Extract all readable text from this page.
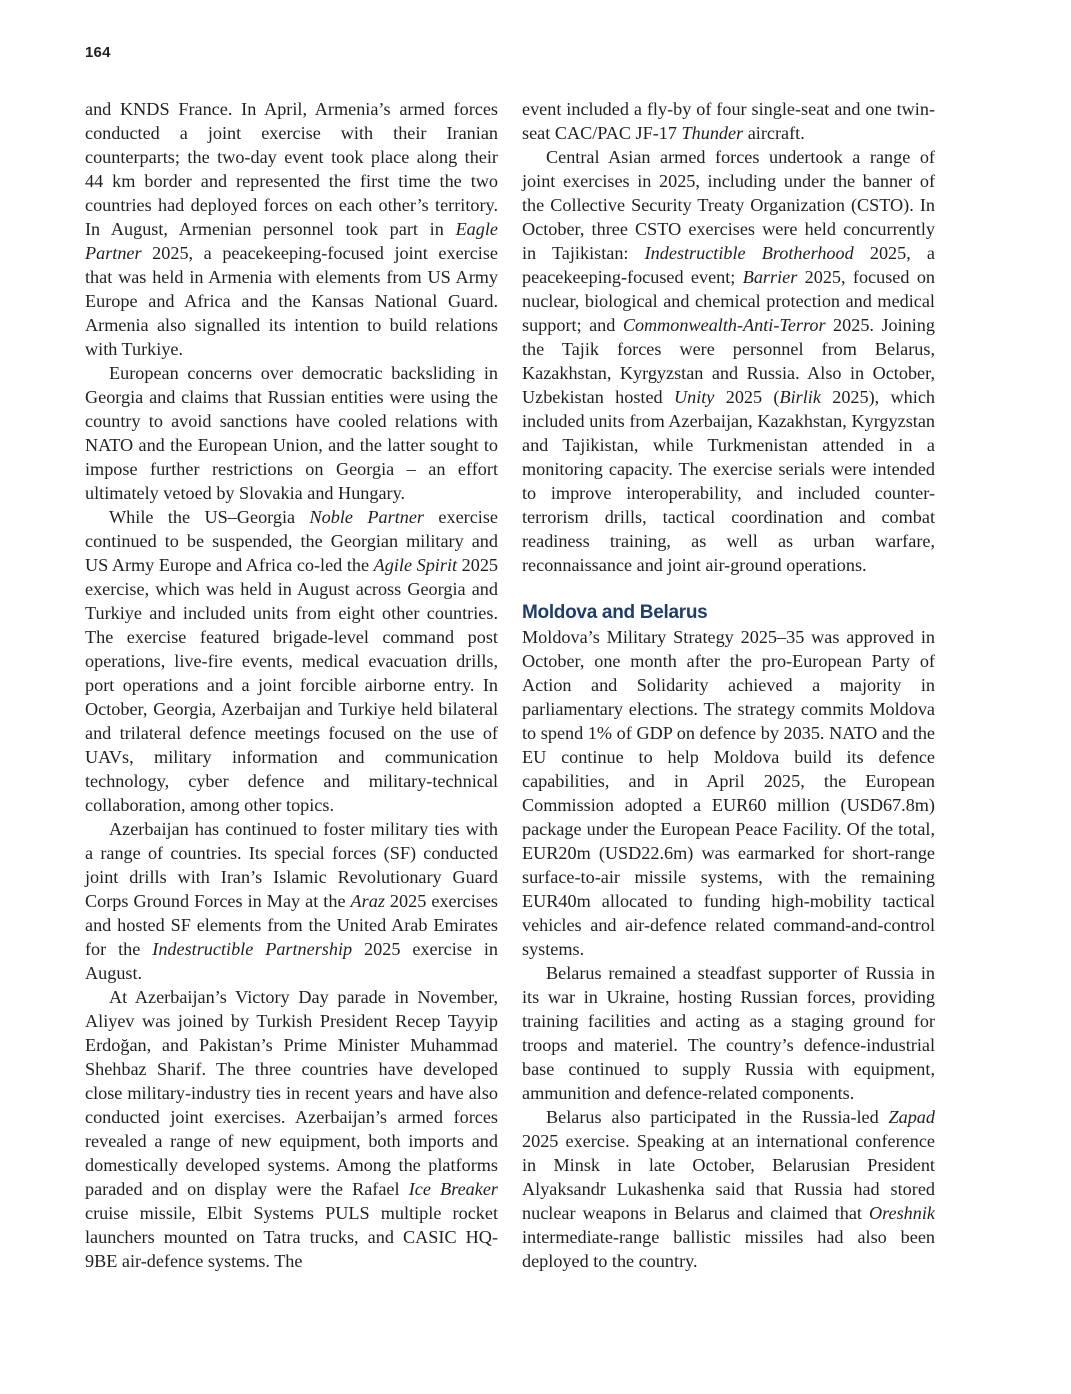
164

and KNDS France. In April, Armenia’s armed forces conducted a joint exercise with their Iranian counterparts; the two-day event took place along their 44 km border and represented the first time the two countries had deployed forces on each other’s territory. In August, Armenian personnel took part in Eagle Partner 2025, a peacekeeping-focused joint exercise that was held in Armenia with elements from US Army Europe and Africa and the Kansas National Guard. Armenia also signalled its intention to build relations with Turkiye.

European concerns over democratic backsliding in Georgia and claims that Russian entities were using the country to avoid sanctions have cooled relations with NATO and the European Union, and the latter sought to impose further restrictions on Georgia – an effort ultimately vetoed by Slovakia and Hungary.

While the US–Georgia Noble Partner exercise continued to be suspended, the Georgian military and US Army Europe and Africa co-led the Agile Spirit 2025 exercise, which was held in August across Georgia and Turkiye and included units from eight other countries. The exercise featured brigade-level command post operations, live-fire events, medical evacuation drills, port operations and a joint forcible airborne entry. In October, Georgia, Azerbaijan and Turkiye held bilateral and trilateral defence meetings focused on the use of UAVs, military information and communication technology, cyber defence and military-technical collaboration, among other topics.

Azerbaijan has continued to foster military ties with a range of countries. Its special forces (SF) conducted joint drills with Iran’s Islamic Revolutionary Guard Corps Ground Forces in May at the Araz 2025 exercises and hosted SF elements from the United Arab Emirates for the Indestructible Partnership 2025 exercise in August.

At Azerbaijan’s Victory Day parade in November, Aliyev was joined by Turkish President Recep Tayyip Erdoğan, and Pakistan’s Prime Minister Muhammad Shehbaz Sharif. The three countries have developed close military-industry ties in recent years and have also conducted joint exercises. Azerbaijan’s armed forces revealed a range of new equipment, both imports and domestically developed systems. Among the platforms paraded and on display were the Rafael Ice Breaker cruise missile, Elbit Systems PULS multiple rocket launchers mounted on Tatra trucks, and CASIC HQ-9BE air-defence systems. The

event included a fly-by of four single-seat and one twin-seat CAC/PAC JF-17 Thunder aircraft.

Central Asian armed forces undertook a range of joint exercises in 2025, including under the banner of the Collective Security Treaty Organization (CSTO). In October, three CSTO exercises were held concurrently in Tajikistan: Indestructible Brotherhood 2025, a peacekeeping-focused event; Barrier 2025, focused on nuclear, biological and chemical protection and medical support; and Commonwealth-Anti-Terror 2025. Joining the Tajik forces were personnel from Belarus, Kazakhstan, Kyrgyzstan and Russia. Also in October, Uzbekistan hosted Unity 2025 (Birlik 2025), which included units from Azerbaijan, Kazakhstan, Kyrgyzstan and Tajikistan, while Turkmenistan attended in a monitoring capacity. The exercise serials were intended to improve interoperability, and included counter-terrorism drills, tactical coordination and combat readiness training, as well as urban warfare, reconnaissance and joint air-ground operations.

Moldova and Belarus

Moldova’s Military Strategy 2025–35 was approved in October, one month after the pro-European Party of Action and Solidarity achieved a majority in parliamentary elections. The strategy commits Moldova to spend 1% of GDP on defence by 2035. NATO and the EU continue to help Moldova build its defence capabilities, and in April 2025, the European Commission adopted a EUR60 million (USD67.8m) package under the European Peace Facility. Of the total, EUR20m (USD22.6m) was earmarked for short-range surface-to-air missile systems, with the remaining EUR40m allocated to funding high-mobility tactical vehicles and air-defence related command-and-control systems.

Belarus remained a steadfast supporter of Russia in its war in Ukraine, hosting Russian forces, providing training facilities and acting as a staging ground for troops and materiel. The country’s defence-industrial base continued to supply Russia with equipment, ammunition and defence-related components.

Belarus also participated in the Russia-led Zapad 2025 exercise. Speaking at an international conference in Minsk in late October, Belarusian President Alyaksandr Lukashenka said that Russia had stored nuclear weapons in Belarus and claimed that Oreshnik intermediate-range ballistic missiles had also been deployed to the country.
